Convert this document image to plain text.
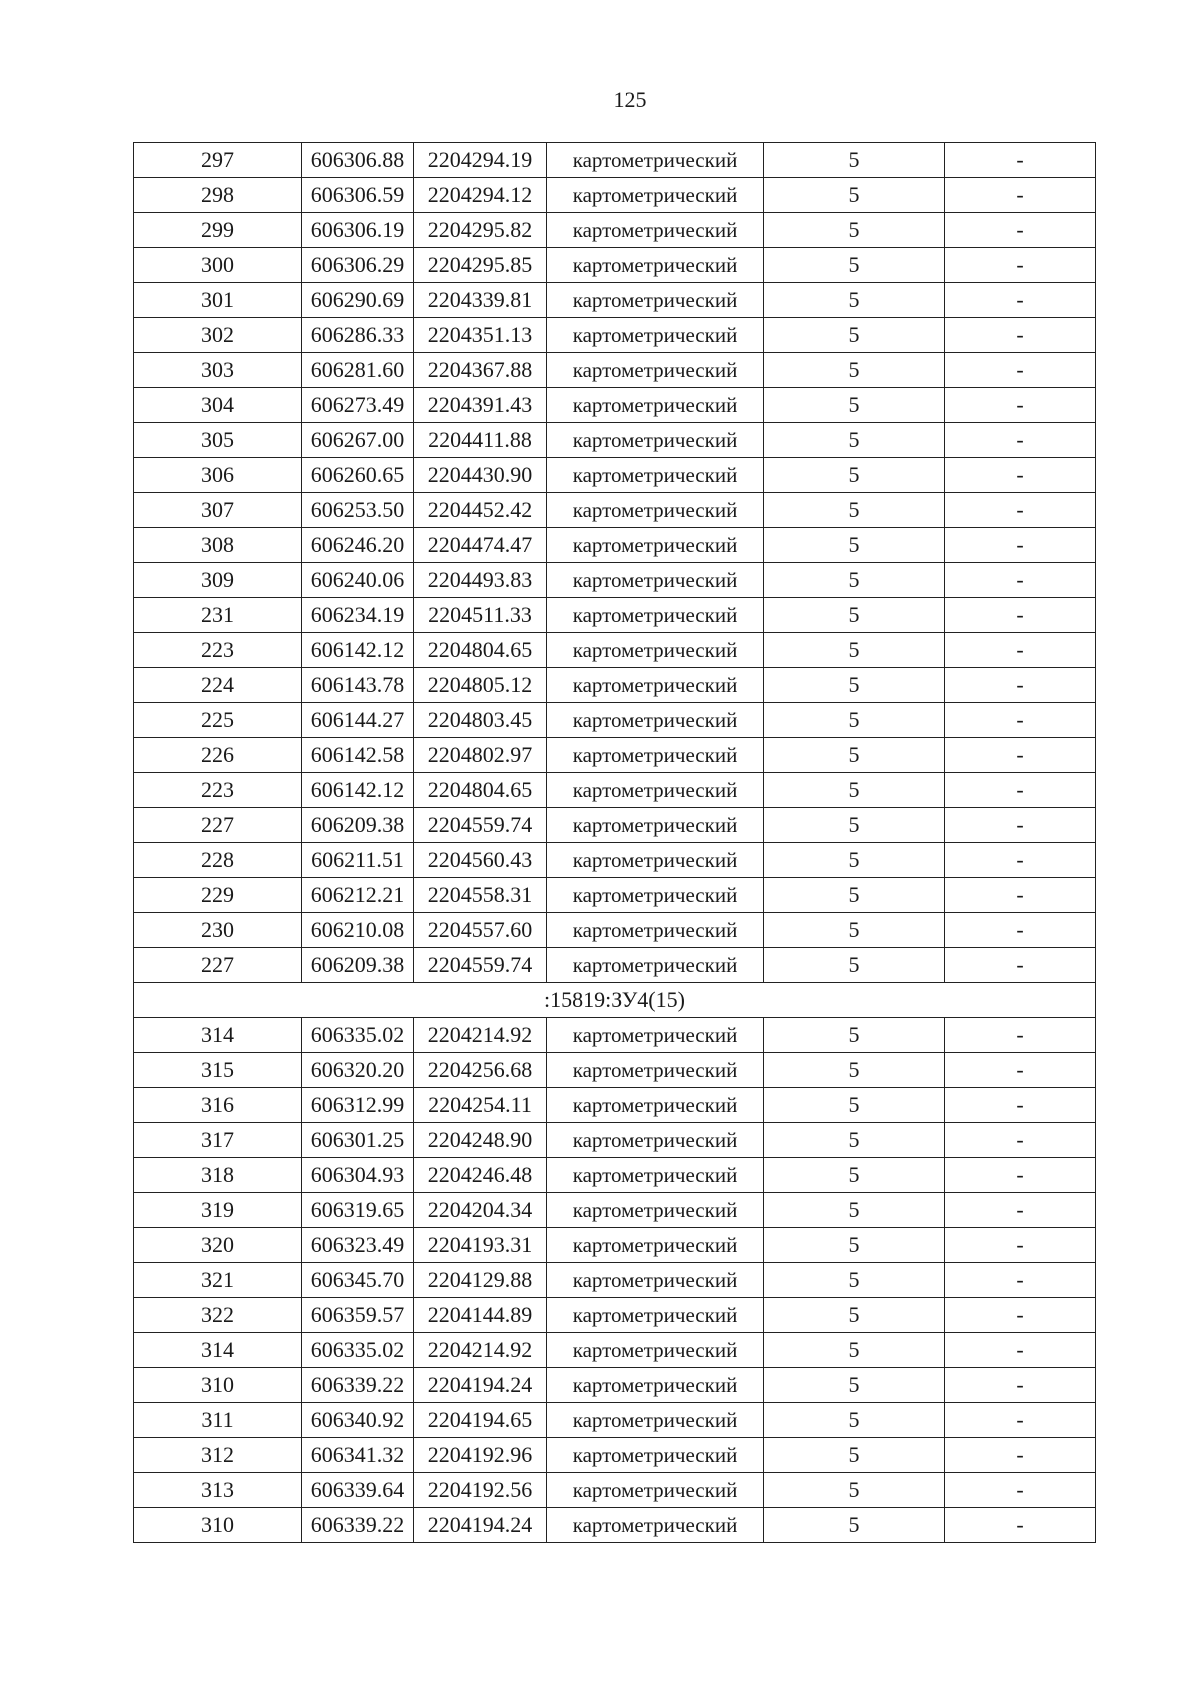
125
297	606306.88	2204294.19	картометрический	5	-
298	606306.59	2204294.12	картометрический	5	-
299	606306.19	2204295.82	картометрический	5	-
300	606306.29	2204295.85	картометрический	5	-
301	606290.69	2204339.81	картометрический	5	-
302	606286.33	2204351.13	картометрический	5	-
303	606281.60	2204367.88	картометрический	5	-
304	606273.49	2204391.43	картометрический	5	-
305	606267.00	2204411.88	картометрический	5	-
306	606260.65	2204430.90	картометрический	5	-
307	606253.50	2204452.42	картометрический	5	-
308	606246.20	2204474.47	картометрический	5	-
309	606240.06	2204493.83	картометрический	5	-
231	606234.19	2204511.33	картометрический	5	-
223	606142.12	2204804.65	картометрический	5	-
224	606143.78	2204805.12	картометрический	5	-
225	606144.27	2204803.45	картометрический	5	-
226	606142.58	2204802.97	картометрический	5	-
223	606142.12	2204804.65	картометрический	5	-
227	606209.38	2204559.74	картометрический	5	-
228	606211.51	2204560.43	картометрический	5	-
229	606212.21	2204558.31	картометрический	5	-
230	606210.08	2204557.60	картометрический	5	-
227	606209.38	2204559.74	картометрический	5	-
:15819:ЗУ4(15)					
314	606335.02	2204214.92	картометрический	5	-
315	606320.20	2204256.68	картометрический	5	-
316	606312.99	2204254.11	картометрический	5	-
317	606301.25	2204248.90	картометрический	5	-
318	606304.93	2204246.48	картометрический	5	-
319	606319.65	2204204.34	картометрический	5	-
320	606323.49	2204193.31	картометрический	5	-
321	606345.70	2204129.88	картометрический	5	-
322	606359.57	2204144.89	картометрический	5	-
314	606335.02	2204214.92	картометрический	5	-
310	606339.22	2204194.24	картометрический	5	-
311	606340.92	2204194.65	картометрический	5	-
312	606341.32	2204192.96	картометрический	5	-
313	606339.64	2204192.56	картометрический	5	-
310	606339.22	2204194.24	картометрический	5	-
